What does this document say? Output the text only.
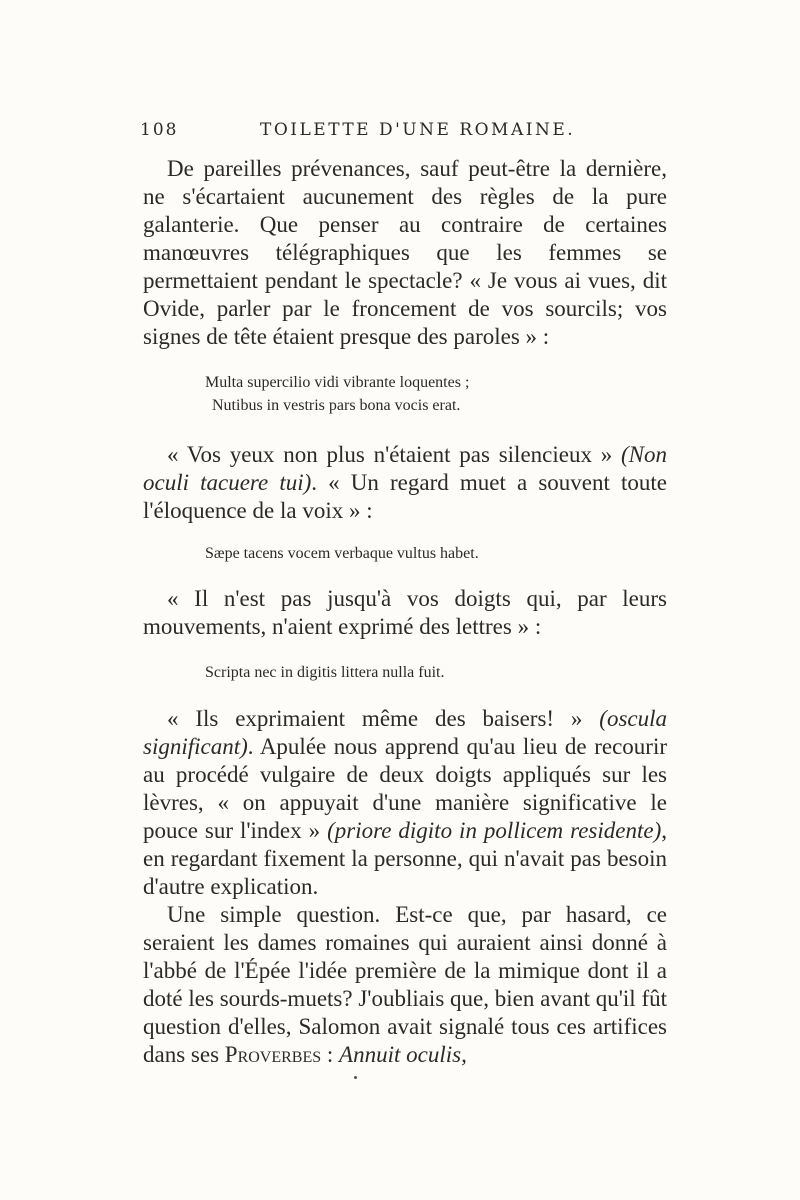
108	TOILETTE D'UNE ROMAINE.

De pareilles prévenances, sauf peut-être la dernière, ne s'écartaient aucunement des règles de la pure galanterie. Que penser au contraire de certaines manœuvres télégraphiques que les femmes se permettaient pendant le spectacle? « Je vous ai vues, dit Ovide, parler par le froncement de vos sourcils; vos signes de tête étaient presque des paroles » :

Multa supercilio vidi vibrante loquentes ;
Nutibus in vestris pars bona vocis erat.

« Vos yeux non plus n'étaient pas silencieux » (Non oculi tacuere tui). « Un regard muet a souvent toute l'éloquence de la voix » :

Sæpe tacens vocem verbaque vultus habet.

« Il n'est pas jusqu'à vos doigts qui, par leurs mouvements, n'aient exprimé des lettres » :

Scripta nec in digitis littera nulla fuit.

« Ils exprimaient même des baisers! » (oscula significant). Apulée nous apprend qu'au lieu de recourir au procédé vulgaire de deux doigts appliqués sur les lèvres, « on appuyait d'une manière significative le pouce sur l'index » (priore digito in pollicem residente), en regardant fixement la personne, qui n'avait pas besoin d'autre explication.

Une simple question. Est-ce que, par hasard, ce seraient les dames romaines qui auraient ainsi donné à l'abbé de l'Épée l'idée première de la mimique dont il a doté les sourds-muets? J'oubliais que, bien avant qu'il fût question d'elles, Salomon avait signalé tous ces artifices dans ses Proverbes : Annuit oculis,
